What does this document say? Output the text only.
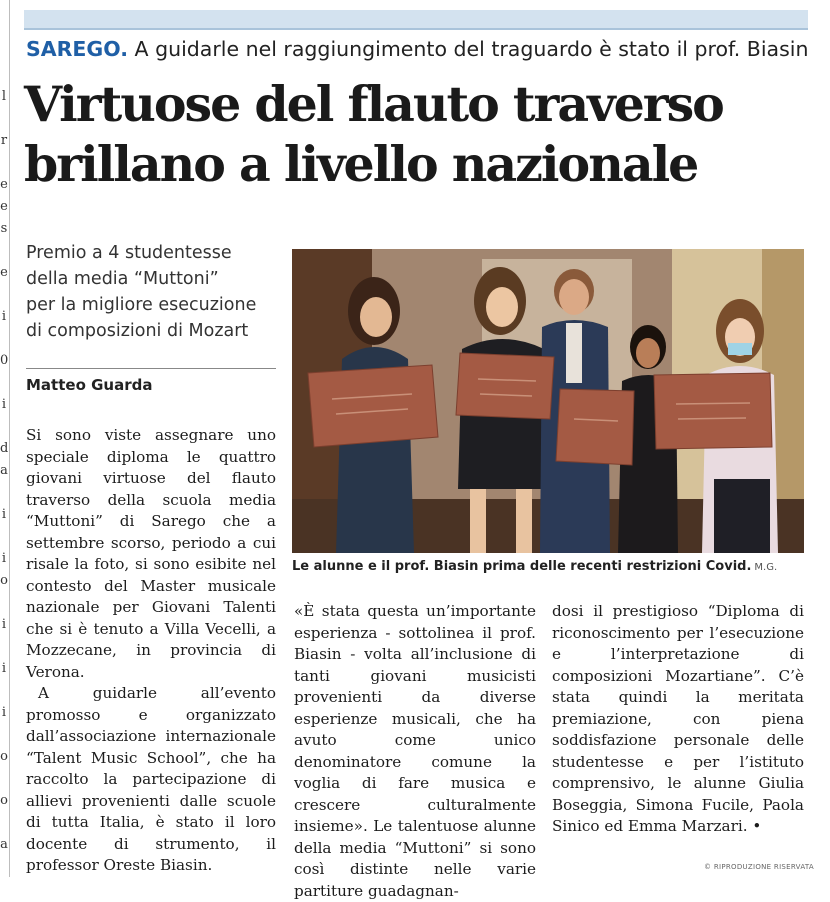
l
r
e
e
s
e
i
0
i
d
a
i
i
o
i
i
i
o
o
a
SAREGO. A guidarle nel raggiungimento del traguardo è stato il prof. Biasin
Virtuose del flauto traverso
brillano a livello nazionale
Premio a 4 studentesse
della media “Muttoni”
per la migliore esecuzione
di composizioni di Mozart
Matteo Guarda
Le alunne e il prof. Biasin prima delle recenti restrizioni Covid. M.G.

Si sono viste assegnare uno speciale diploma le quattro giovani virtuose del flauto traverso della scuola media “Muttoni” di Sarego che a settembre scorso, periodo a cui risale la foto, si sono esibite nel contesto del Master musicale nazionale per Giovani Talenti che si è tenuto a Villa Vecelli, a Mozzecane, in provincia di Verona.

A guidarle all’evento promosso e organizzato dall’associazione internazionale “Talent Music School”, che ha raccolto la partecipazione di allievi provenienti dalle scuole di tutta Italia, è stato il loro docente di strumento, il professor Oreste Biasin.

«È stata questa un’importante esperienza - sottolinea il prof. Biasin - volta all’inclusione di tanti giovani musicisti provenienti da diverse esperienze musicali, che ha avuto come unico denominatore comune la voglia di fare musica e crescere culturalmente insieme». Le talentuose alunne della media “Muttoni” si sono così distinte nelle varie partiture guadagnan-

dosi il prestigioso “Diploma di riconoscimento per l’esecuzione e l’interpretazione di composizioni Mozartiane”. C’è stata quindi la meritata premiazione, con piena soddisfazione personale delle studentesse e per l’istituto comprensivo, le alunne Giulia Boseggia, Simona Fucile, Paola Sinico ed Emma Marzari. •

© RIPRODUZIONE RISERVATA
